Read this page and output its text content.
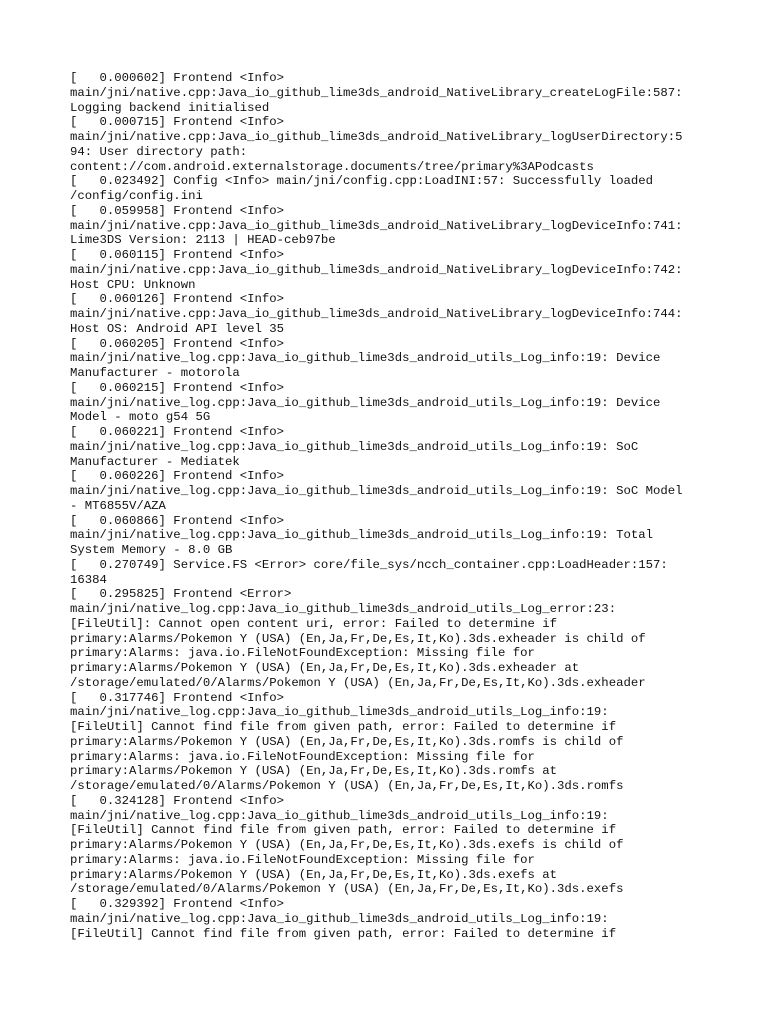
[   0.000602] Frontend <Info>
main/jni/native.cpp:Java_io_github_lime3ds_android_NativeLibrary_createLogFile:587:
Logging backend initialised
[   0.000715] Frontend <Info>
main/jni/native.cpp:Java_io_github_lime3ds_android_NativeLibrary_logUserDirectory:5
94: User directory path:
content://com.android.externalstorage.documents/tree/primary%3APodcasts
[   0.023492] Config <Info> main/jni/config.cpp:LoadINI:57: Successfully loaded
/config/config.ini
[   0.059958] Frontend <Info>
main/jni/native.cpp:Java_io_github_lime3ds_android_NativeLibrary_logDeviceInfo:741:
Lime3DS Version: 2113 | HEAD-ceb97be
[   0.060115] Frontend <Info>
main/jni/native.cpp:Java_io_github_lime3ds_android_NativeLibrary_logDeviceInfo:742:
Host CPU: Unknown
[   0.060126] Frontend <Info>
main/jni/native.cpp:Java_io_github_lime3ds_android_NativeLibrary_logDeviceInfo:744:
Host OS: Android API level 35
[   0.060205] Frontend <Info>
main/jni/native_log.cpp:Java_io_github_lime3ds_android_utils_Log_info:19: Device
Manufacturer - motorola
[   0.060215] Frontend <Info>
main/jni/native_log.cpp:Java_io_github_lime3ds_android_utils_Log_info:19: Device
Model - moto g54 5G
[   0.060221] Frontend <Info>
main/jni/native_log.cpp:Java_io_github_lime3ds_android_utils_Log_info:19: SoC
Manufacturer - Mediatek
[   0.060226] Frontend <Info>
main/jni/native_log.cpp:Java_io_github_lime3ds_android_utils_Log_info:19: SoC Model
- MT6855V/AZA
[   0.060866] Frontend <Info>
main/jni/native_log.cpp:Java_io_github_lime3ds_android_utils_Log_info:19: Total
System Memory - 8.0 GB
[   0.270749] Service.FS <Error> core/file_sys/ncch_container.cpp:LoadHeader:157:
16384
[   0.295825] Frontend <Error>
main/jni/native_log.cpp:Java_io_github_lime3ds_android_utils_Log_error:23:
[FileUtil]: Cannot open content uri, error: Failed to determine if
primary:Alarms/Pokemon Y (USA) (En,Ja,Fr,De,Es,It,Ko).3ds.exheader is child of
primary:Alarms: java.io.FileNotFoundException: Missing file for
primary:Alarms/Pokemon Y (USA) (En,Ja,Fr,De,Es,It,Ko).3ds.exheader at
/storage/emulated/0/Alarms/Pokemon Y (USA) (En,Ja,Fr,De,Es,It,Ko).3ds.exheader
[   0.317746] Frontend <Info>
main/jni/native_log.cpp:Java_io_github_lime3ds_android_utils_Log_info:19:
[FileUtil] Cannot find file from given path, error: Failed to determine if
primary:Alarms/Pokemon Y (USA) (En,Ja,Fr,De,Es,It,Ko).3ds.romfs is child of
primary:Alarms: java.io.FileNotFoundException: Missing file for
primary:Alarms/Pokemon Y (USA) (En,Ja,Fr,De,Es,It,Ko).3ds.romfs at
/storage/emulated/0/Alarms/Pokemon Y (USA) (En,Ja,Fr,De,Es,It,Ko).3ds.romfs
[   0.324128] Frontend <Info>
main/jni/native_log.cpp:Java_io_github_lime3ds_android_utils_Log_info:19:
[FileUtil] Cannot find file from given path, error: Failed to determine if
primary:Alarms/Pokemon Y (USA) (En,Ja,Fr,De,Es,It,Ko).3ds.exefs is child of
primary:Alarms: java.io.FileNotFoundException: Missing file for
primary:Alarms/Pokemon Y (USA) (En,Ja,Fr,De,Es,It,Ko).3ds.exefs at
/storage/emulated/0/Alarms/Pokemon Y (USA) (En,Ja,Fr,De,Es,It,Ko).3ds.exefs
[   0.329392] Frontend <Info>
main/jni/native_log.cpp:Java_io_github_lime3ds_android_utils_Log_info:19:
[FileUtil] Cannot find file from given path, error: Failed to determine if
